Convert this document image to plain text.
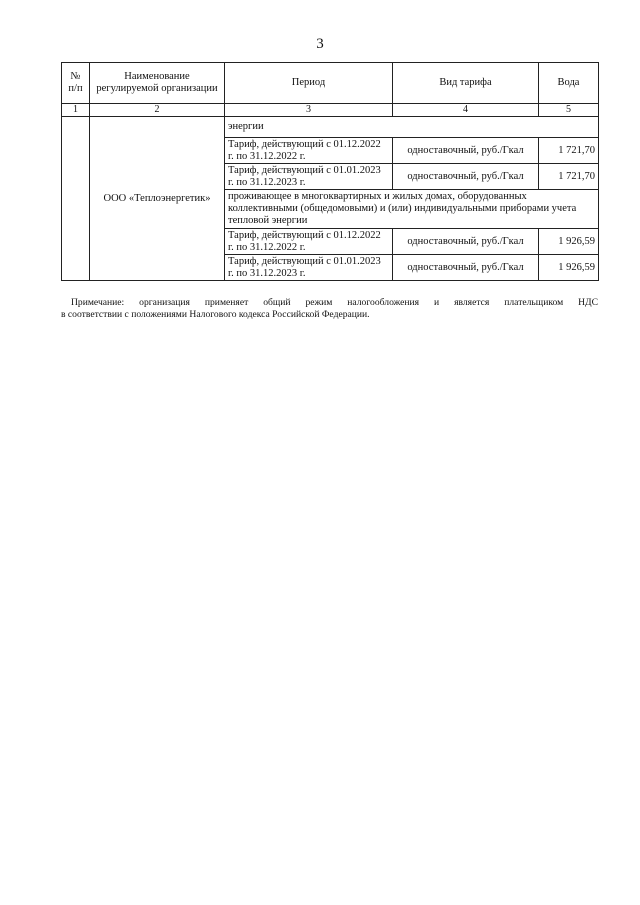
3
№ п/п	Наименование регулируемой организации	Период	Вид тарифа	Вода
1	2	3	4	5
	ООО «Теплоэнергетик»	энергии		
		Тариф, действующий с 01.12.2022 г. по 31.12.2022 г.	одноставочный, руб./Гкал	1 721,70
		Тариф, действующий с 01.01.2023 г. по 31.12.2023 г.	одноставочный, руб./Гкал	1 721,70
		проживающее в многоквартирных и жилых домах, оборудованных коллективными (общедомовыми) и (или) индивидуальными приборами учета тепловой энергии		
		Тариф, действующий с 01.12.2022 г. по 31.12.2022 г.	одноставочный, руб./Гкал	1 926,59
		Тариф, действующий с 01.01.2023 г. по 31.12.2023 г.	одноставочный, руб./Гкал	1 926,59
Примечание: организация применяет общий режим налогообложения и является плательщиком НДС
в соответствии с положениями Налогового кодекса Российской Федерации.
